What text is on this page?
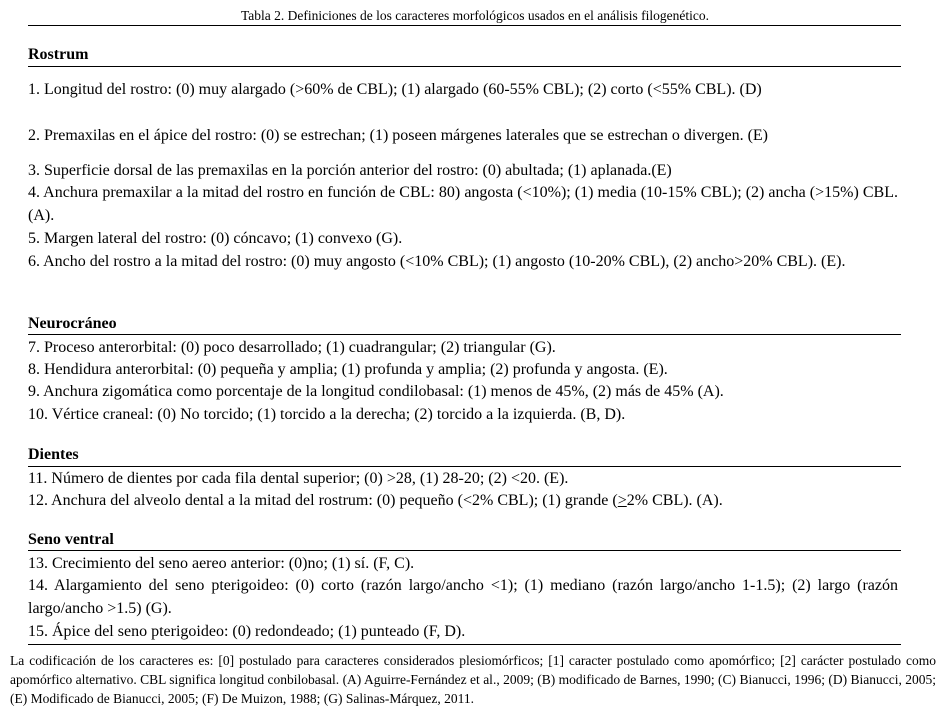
Tabla 2. Definiciones de los caracteres morfológicos usados en el análisis filogenético.
Rostrum
1. Longitud del rostro: (0) muy alargado (>60% de CBL); (1) alargado (60-55% CBL); (2) corto (<55% CBL). (D)
2. Premaxilas en el ápice del rostro: (0) se estrechan; (1) poseen márgenes laterales que se estrechan o divergen. (E)
3. Superficie dorsal de las premaxilas en la porción anterior del rostro: (0) abultada; (1) aplanada.(E)
4. Anchura premaxilar a la mitad del rostro en función de CBL: 80) angosta (<10%); (1) media (10-15% CBL); (2) ancha (>15%) CBL. (A).
5. Margen lateral del rostro: (0) cóncavo; (1) convexo (G).
6. Ancho del rostro a la mitad del rostro: (0) muy angosto (<10% CBL); (1) angosto (10-20% CBL), (2) ancho>20% CBL). (E).
Neurocráneo
7. Proceso anterorbital: (0) poco desarrollado; (1) cuadrangular; (2) triangular (G).
8. Hendidura anterorbital: (0) pequeña y amplia; (1) profunda y amplia; (2) profunda y angosta. (E).
9. Anchura zigomática como porcentaje de la longitud condilobasal: (1) menos de 45%, (2) más de 45% (A).
10. Vértice craneal: (0) No torcido; (1) torcido a la derecha; (2) torcido a la izquierda. (B, D).
Dientes
11. Número de dientes por cada fila dental superior; (0) >28, (1) 28-20; (2) <20. (E).
12. Anchura del alveolo dental a la mitad del rostrum: (0) pequeño (<2% CBL); (1) grande (>2% CBL). (A).
Seno ventral
13. Crecimiento del seno aereo anterior: (0)no; (1) sí. (F, C).
14. Alargamiento del seno pterigoideo: (0) corto (razón largo/ancho <1); (1) mediano (razón largo/ancho 1-1.5); (2) largo (razón largo/ancho >1.5) (G).
15. Ápice del seno pterigoideo: (0) redondeado; (1) punteado (F, D).
La codificación de los caracteres es: [0] postulado para caracteres considerados plesiomórficos; [1] caracter postulado como apomórfico; [2] carácter postulado como apomórfico alternativo. CBL significa longitud conbilobasal. (A) Aguirre-Fernández et al., 2009; (B) modificado de Barnes, 1990; (C) Bianucci, 1996; (D) Bianucci, 2005; (E) Modificado de Bianucci, 2005; (F) De Muizon, 1988; (G) Salinas-Márquez, 2011.
